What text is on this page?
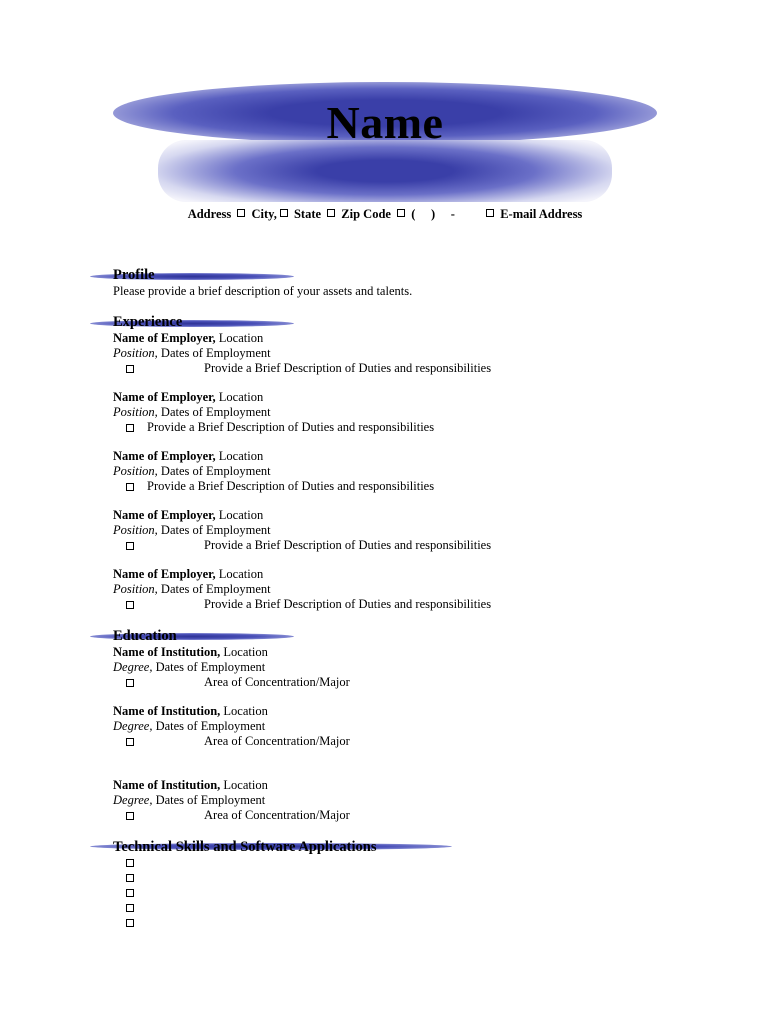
Name
Address City, State Zip Code (     )     -	E-mail Address
Profile
Please provide a brief description of your assets and talents.
Experience
Name of Employer, Location
Position, Dates of Employment
Provide a Brief Description of Duties and responsibilities
Name of Employer, Location
Position, Dates of Employment
Provide a Brief Description of Duties and responsibilities
Name of Employer, Location
Position, Dates of Employment
Provide a Brief Description of Duties and responsibilities
Name of Employer, Location
Position, Dates of Employment
Provide a Brief Description of Duties and responsibilities
Name of Employer, Location
Position, Dates of Employment
Provide a Brief Description of Duties and responsibilities
Education
Name of Institution, Location
Degree, Dates of Employment
Area of Concentration/Major
Name of Institution, Location
Degree, Dates of Employment
Area of Concentration/Major
Name of Institution, Location
Degree, Dates of Employment
Area of Concentration/Major
Technical Skills and Software Applications
